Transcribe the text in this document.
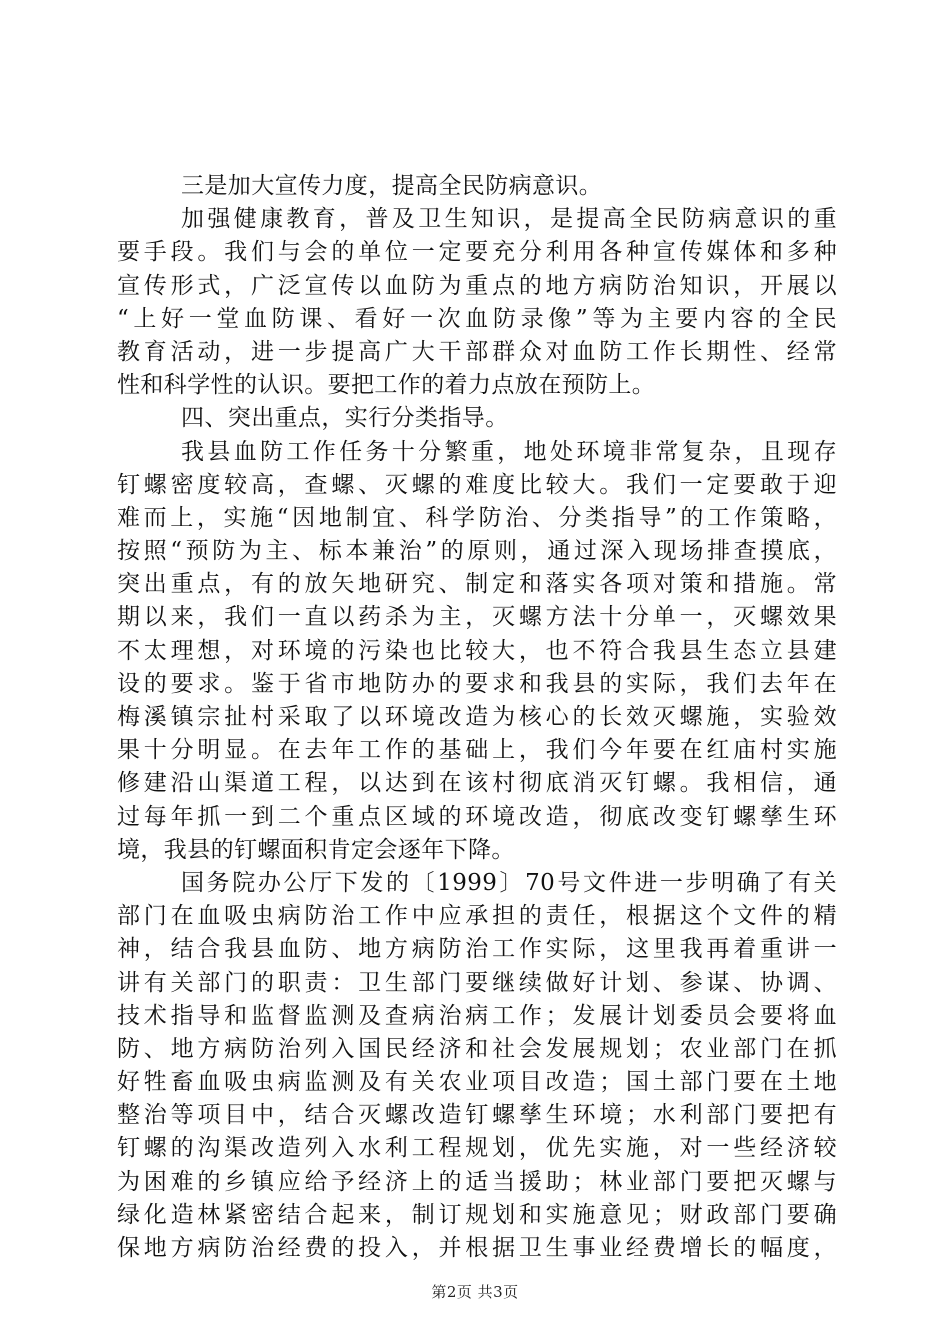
三是加大宣传力度，提高全民防病意识。
加强健康教育，普及卫生知识，是提高全民防病意识的重
要手段。我们与会的单位一定要充分利用各种宣传媒体和多种
宣传形式，广泛宣传以血防为重点的地方病防治知识，开展以
“上好一堂血防课、看好一次血防录像”等为主要内容的全民
教育活动，进一步提高广大干部群众对血防工作长期性、经常
性和科学性的认识。要把工作的着力点放在预防上。
四、突出重点，实行分类指导。
我县血防工作任务十分繁重，地处环境非常复杂，且现存
钉螺密度较高，查螺、灭螺的难度比较大。我们一定要敢于迎
难而上，实施“因地制宜、科学防治、分类指导”的工作策略，
按照“预防为主、标本兼治”的原则，通过深入现场排查摸底，
突出重点，有的放矢地研究、制定和落实各项对策和措施。常
期以来，我们一直以药杀为主，灭螺方法十分单一，灭螺效果
不太理想，对环境的污染也比较大，也不符合我县生态立县建
设的要求。鉴于省市地防办的要求和我县的实际，我们去年在
梅溪镇宗扯村采取了以环境改造为核心的长效灭螺施，实验效
果十分明显。在去年工作的基础上，我们今年要在红庙村实施
修建沿山渠道工程，以达到在该村彻底消灭钉螺。我相信，通
过每年抓一到二个重点区域的环境改造，彻底改变钉螺孳生环
境，我县的钉螺面积肯定会逐年下降。
国务院办公厅下发的〔1999〕70号文件进一步明确了有关
部门在血吸虫病防治工作中应承担的责任，根据这个文件的精
神，结合我县血防、地方病防治工作实际，这里我再着重讲一
讲有关部门的职责：卫生部门要继续做好计划、参谋、协调、
技术指导和监督监测及查病治病工作；发展计划委员会要将血
防、地方病防治列入国民经济和社会发展规划；农业部门在抓
好牲畜血吸虫病监测及有关农业项目改造；国土部门要在土地
整治等项目中，结合灭螺改造钉螺孳生环境；水利部门要把有
钉螺的沟渠改造列入水利工程规划，优先实施，对一些经济较
为困难的乡镇应给予经济上的适当援助；林业部门要把灭螺与
绿化造林紧密结合起来，制订规划和实施意见；财政部门要确
保地方病防治经费的投入，并根据卫生事业经费增长的幅度，
第2页 共3页
